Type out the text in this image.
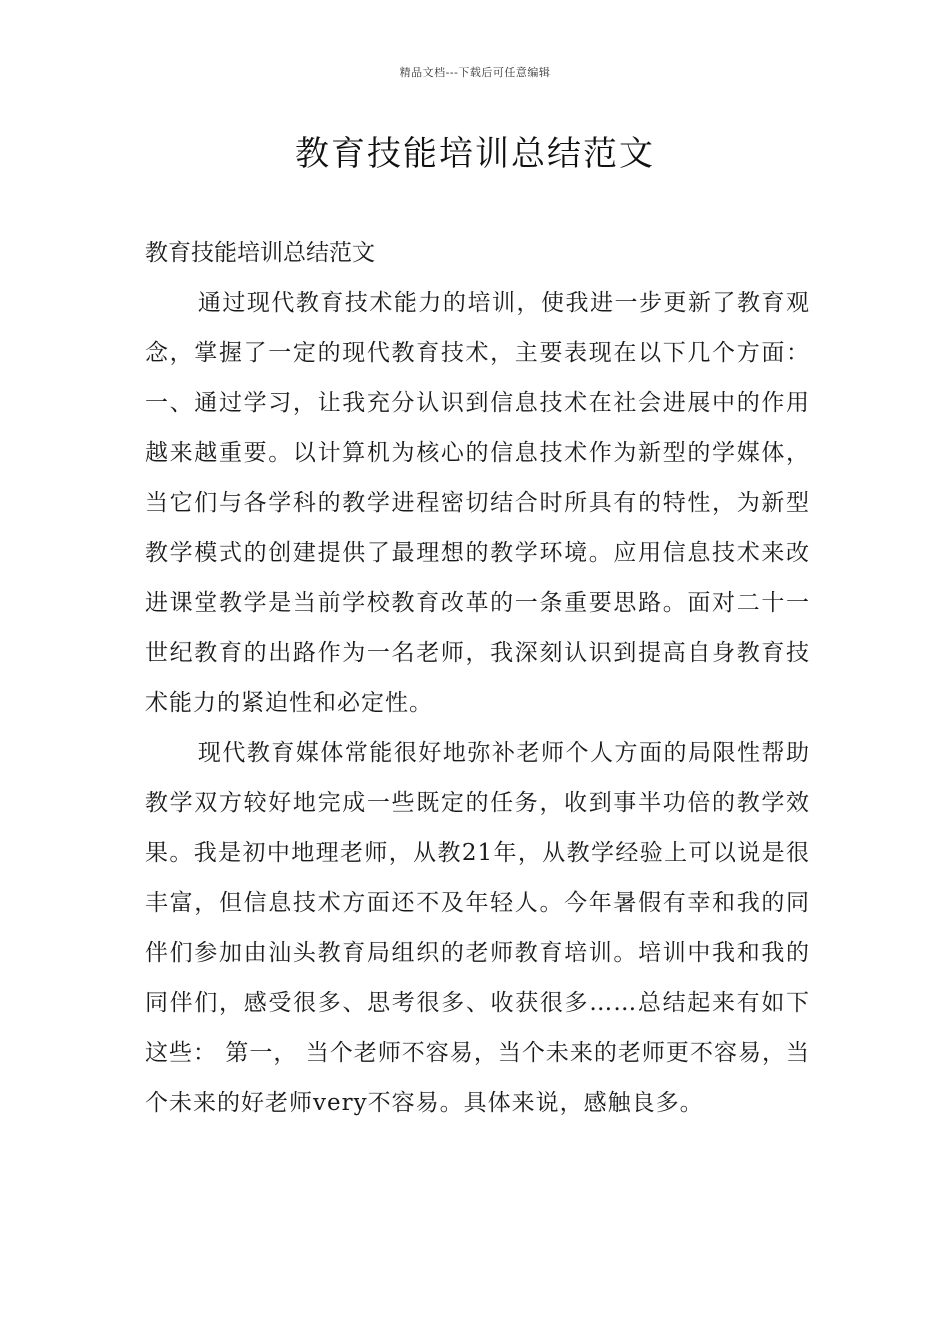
精品文档---下载后可任意编辑
教育技能培训总结范文

教育技能培训总结范文

通过现代教育技术能力的培训，使我进一步更新了教育观念，掌握了一定的现代教育技术，主要表现在以下几个方面：一、通过学习，让我充分认识到信息技术在社会进展中的作用越来越重要。以计算机为核心的信息技术作为新型的学媒体，当它们与各学科的教学进程密切结合时所具有的特性，为新型教学模式的创建提供了最理想的教学环境。应用信息技术来改进课堂教学是当前学校教育改革的一条重要思路。面对二十一世纪教育的出路作为一名老师，我深刻认识到提高自身教育技术能力的紧迫性和必定性。

现代教育媒体常能很好地弥补老师个人方面的局限性帮助教学双方较好地完成一些既定的任务，收到事半功倍的教学效果。我是初中地理老师，从教21年，从教学经验上可以说是很丰富，但信息技术方面还不及年轻人。今年暑假有幸和我的同伴们参加由汕头教育局组织的老师教育培训。培训中我和我的同伴们，感受很多、思考很多、收获很多……总结起来有如下这些： 第一， 当个老师不容易，当个未来的老师更不容易，当个未来的好老师very不容易。具体来说，感触良多。
